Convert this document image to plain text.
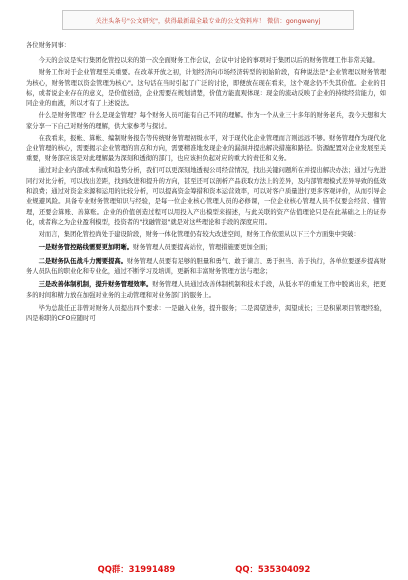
关注头条号"公文研究"，获得最新最全最专业的公文资料库！ 微信：gongwenyj

各位财务同事：

今天的会议是实行集团化管控以来的第一次全面财务工作会议，会议中讨论的事项对于集团以后的财务管理工作非常关键。

财务工作对于企业管理至关重要。在改革开放之初，计划经济向市场经济转型的初始阶段，有种说法是"企业管理以财务管理为核心，财务管理以资金管理为核心"。这句话在当时引起了广泛的讨论，即便放在现在看来，这个观念仍不失其价值。企业的目标，或者说企业存在的意义，是价值创造，企业需要在规划清楚，价值方能直观体现：现金的流动反映了企业的持续经营能力，如同企业的血液，所以才有了上述说法。

什么是财务管理？什么是现金管理？每个财务人员可能有自己不同的理解。作为一个从业三十多年的财务老兵，我今天想和大家分享一下自己对财务的理解，供大家参考与探讨。

在我看来，报帐、算帐、编制财务报告等传统财务管理初级水平，对于现代化企业管理而言则远远不够。财务管理作为现代化企业管理的核心，需要揭示企业管理的盲点和方向，需要精准地发现企业的漏洞并提出解决措施和路径。资源配置对企业发展至关重要，财务部应该是对此理解最为深刻和透彻的部门，也应该担负起对应的重大的责任和义务。

通过对企业内部成本构成和趋势分析，我们可以更深刻地透视公司经营情况，找出关键问题所在并提出解决办法；通过与先进同行对比分析，可以找出差距，找到改进和提升的方向，甚至还可以剖析产品获取方法上的差异，及内部管理模式差异导致的低效和浪费；通过对资金来源和运用的比较分析，可以提高资金筹措和资本运营效率，可以对客户质量进行更多客观评价，从而引导企业规避风险。具备专业财务管理知识与经验，是每一位企业核心管理人员的必修课，一位企业核心管理人员不仅要会经营、懂管理，还要会算账、善算账。企业的价值创造过程可以用投入产出模型来描述，与此关联的资产估值理论只是在此基础之上的证券化，或者称之为企业盈利模型，投资者的"找融管退"就是对这些理论和手段的深度应用。

对而言，集团化管控尚处于建设阶段，财务一体化管理仍有较大改进空间，财务工作依需从以下三个方面集中突破：

一是财务管控路线需要更加明晰。财务管理人员要提高站位，管理措施要更加全面；

二是财务队伍战斗力需要提高。财务管理人员要有足够的胆量和勇气、敢于谏言、勇于担当、善于执行，各单位要逐步提高财务人员队伍的职业化和专业化，通过不断学习及培训，更新和丰富财务管理方法与理念；

三是改善体制机制，提升财务管理效率。财务管理人员通过改善体制机制和技术手段，从低水平的重复工作中脱离出来，把更多的时间和精力放在加强对业务的主动管理和对业务部门的服务上。

毕为总裁任正非曾对财务人员提出四个要求：一是融入业务，提升服务；二是渴望进步，渴望成长；三是积累项目管理经验，四是称职的CFO应随时可

QQ群：31991489	QQ：535304092
